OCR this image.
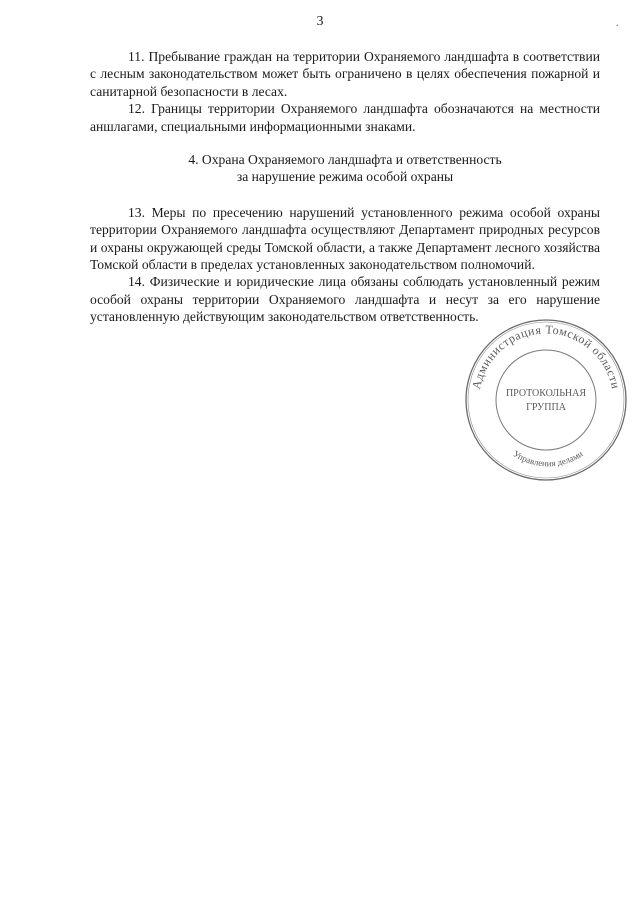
3	.

11. Пребывание граждан на территории Охраняемого ландшафта в соответствии с лесным законодательством может быть ограничено в целях обеспечения пожарной и санитарной безопасности в лесах.

12. Границы территории Охраняемого ландшафта обозначаются на местности аншлагами, специальными информационными знаками.

4. Охрана Охраняемого ландшафта и ответственность
за нарушение режима особой охраны

13. Меры по пресечению нарушений установленного режима особой охраны территории Охраняемого ландшафта осуществляют Департамент природных ресурсов и охраны окружающей среды Томской области, а также Департамент лесного хозяйства Томской области в пределах установленных законодательством полномочий.

14. Физические и юридические лица обязаны соблюдать установленный режим особой охраны территории Охраняемого ландшафта и несут за его нарушение установленную действующим законодательством ответственность.

Администрация Томской области
Управления делами
ПРОТОКОЛЬНАЯ
ГРУППА
